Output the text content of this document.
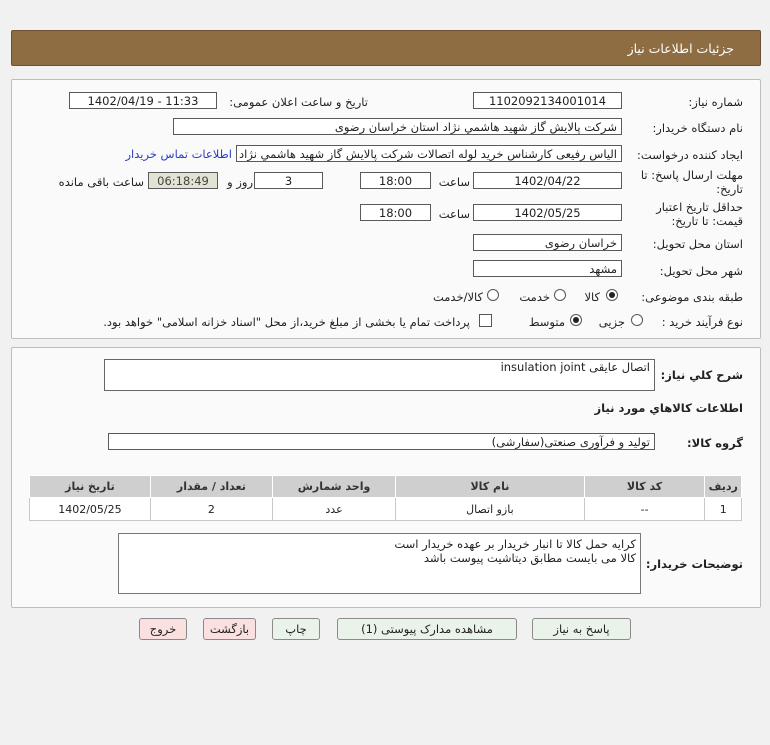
جزئیات اطلاعات نیاز
شماره نیاز:
1102092134001014
تاریخ و ساعت اعلان عمومی:
1402/04/19 - 11:33
نام دستگاه خریدار:
شرکت پالایش گاز شهید هاشمي نژاد استان خراسان رضوی
ایجاد کننده درخواست:
الیاس رفیعی کارشناس خرید لوله اتصالات شرکت پالایش گاز شهید هاشمي نژاد
اطلاعات تماس خریدار
مهلت ارسال پاسخ: تا
تاریخ:
1402/04/22
ساعت
18:00
3
روز و
06:18:49
ساعت باقی مانده
حداقل تاریخ اعتبار
قیمت: تا تاریخ:
1402/05/25
ساعت
18:00
استان محل تحویل:
خراسان رضوی
شهر محل تحویل:
مشهد
طبقه بندی موضوعی:
کالا
خدمت
کالا/خدمت
نوع فرآیند خرید :
جزیی
متوسط
پرداخت تمام یا بخشی از مبلغ خرید،از محل "اسناد خزانه اسلامی" خواهد بود.
شرح کلي نیاز:
اتصال عایقی insulation joint
اطلاعات کالاهاي مورد نیاز
گروه کالا:
تولید و فرآوری صنعتی(سفارشی)
ردیف	کد کالا	نام کالا	واحد شمارش	تعداد / مقدار	تاریخ نیاز
1	--	بازو اتصال	عدد	2	1402/05/25
توضیحات خریدار:
کرایه حمل کالا تا انبار خریدار بر عهده خریدار است
کالا می بایست مطابق دیتاشیت پیوست باشد
پاسخ به نیاز
مشاهده مدارک پیوستی (1)
چاپ
بازگشت
خروج
